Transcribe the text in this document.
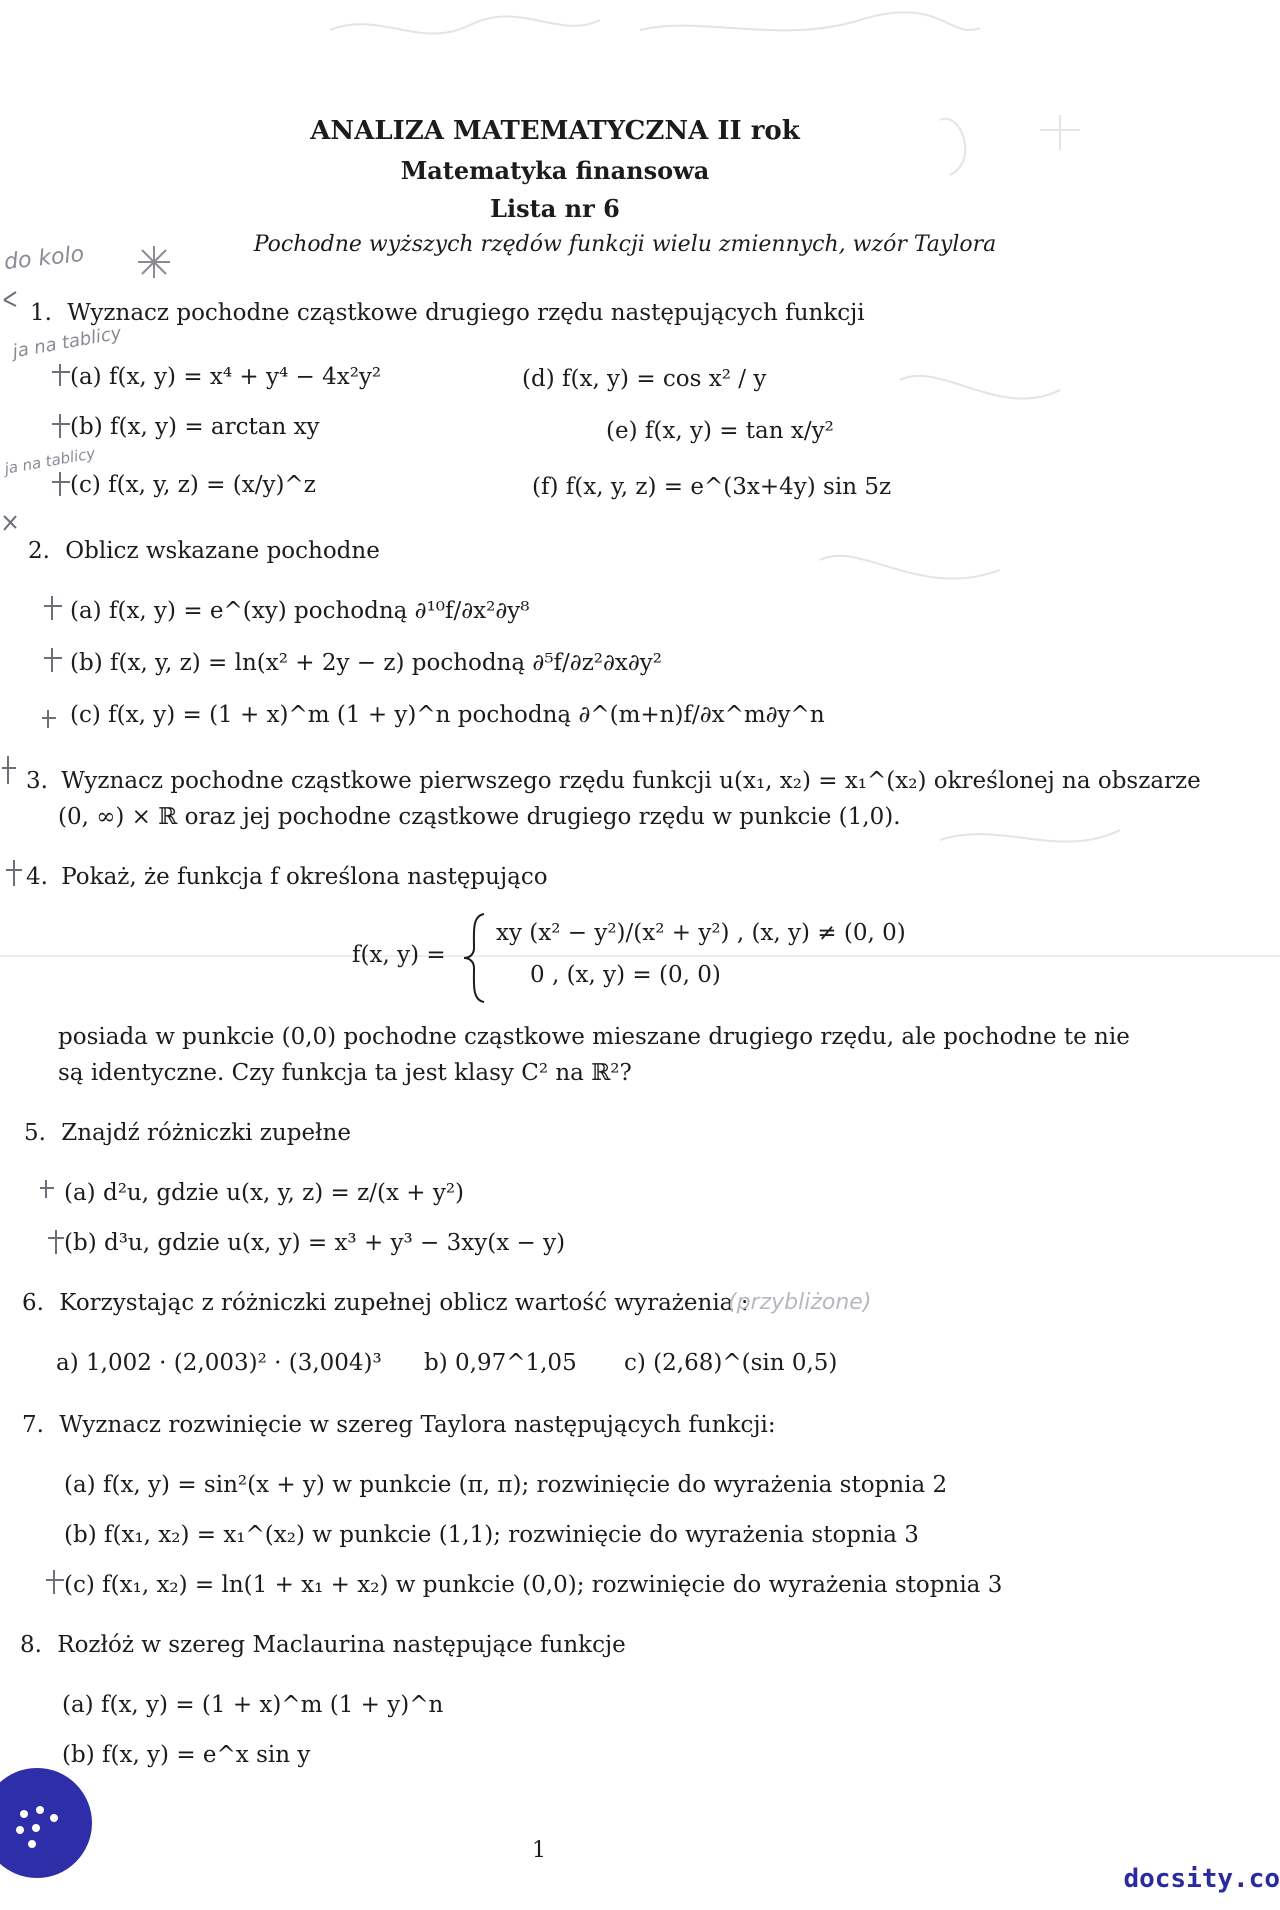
ANALIZA MATEMATYCZNA II rok
Matematyka finansowa
Lista nr 6
Pochodne wyższych rzędów funkcji wielu zmiennych, wzór Taylora
do kolo
ja na tablicy
ja na tablicy
1. Wyznacz pochodne cząstkowe drugiego rzędu następujących funkcji
(a) f(x, y) = x⁴ + y⁴ − 4x²y²
(b) f(x, y) = arctan xy
(c) f(x, y, z) = (x/y)^z
(d) f(x, y) = cos x² / y
(e) f(x, y) = tan x/y²
(f) f(x, y, z) = e^(3x+4y) sin 5z
2. Oblicz wskazane pochodne
(a) f(x, y) = e^(xy) pochodną ∂¹⁰f/∂x²∂y⁸
(b) f(x, y, z) = ln(x² + 2y − z) pochodną ∂⁵f/∂z²∂x∂y²
(c) f(x, y) = (1 + x)^m (1 + y)^n pochodną ∂^(m+n)f/∂x^m∂y^n
3. Wyznacz pochodne cząstkowe pierwszego rzędu funkcji u(x₁, x₂) = x₁^(x₂) określonej na obszarze
(0, ∞) × ℝ oraz jej pochodne cząstkowe drugiego rzędu w punkcie (1,0).
4. Pokaż, że funkcja f określona następująco
f(x, y) =
xy (x² − y²)/(x² + y²) , (x, y) ≠ (0, 0)
0 , (x, y) = (0, 0)
posiada w punkcie (0,0) pochodne cząstkowe mieszane drugiego rzędu, ale pochodne te nie
są identyczne. Czy funkcja ta jest klasy C² na ℝ²?
5. Znajdź różniczki zupełne
(a) d²u, gdzie u(x, y, z) = z/(x + y²)
(b) d³u, gdzie u(x, y) = x³ + y³ − 3xy(x − y)
6. Korzystając z różniczki zupełnej oblicz wartość wyrażenia :
(przybliżone)
a) 1,002 · (2,003)² · (3,004)³ b) 0,97^1,05 c) (2,68)^(sin 0,5)
7. Wyznacz rozwinięcie w szereg Taylora następujących funkcji:
(a) f(x, y) = sin²(x + y) w punkcie (π, π); rozwinięcie do wyrażenia stopnia 2
(b) f(x₁, x₂) = x₁^(x₂) w punkcie (1,1); rozwinięcie do wyrażenia stopnia 3
(c) f(x₁, x₂) = ln(1 + x₁ + x₂) w punkcie (0,0); rozwinięcie do wyrażenia stopnia 3
8. Rozłóż w szereg Maclaurina następujące funkcje
(a) f(x, y) = (1 + x)^m (1 + y)^n
(b) f(x, y) = e^x sin y
1
docsity.co
